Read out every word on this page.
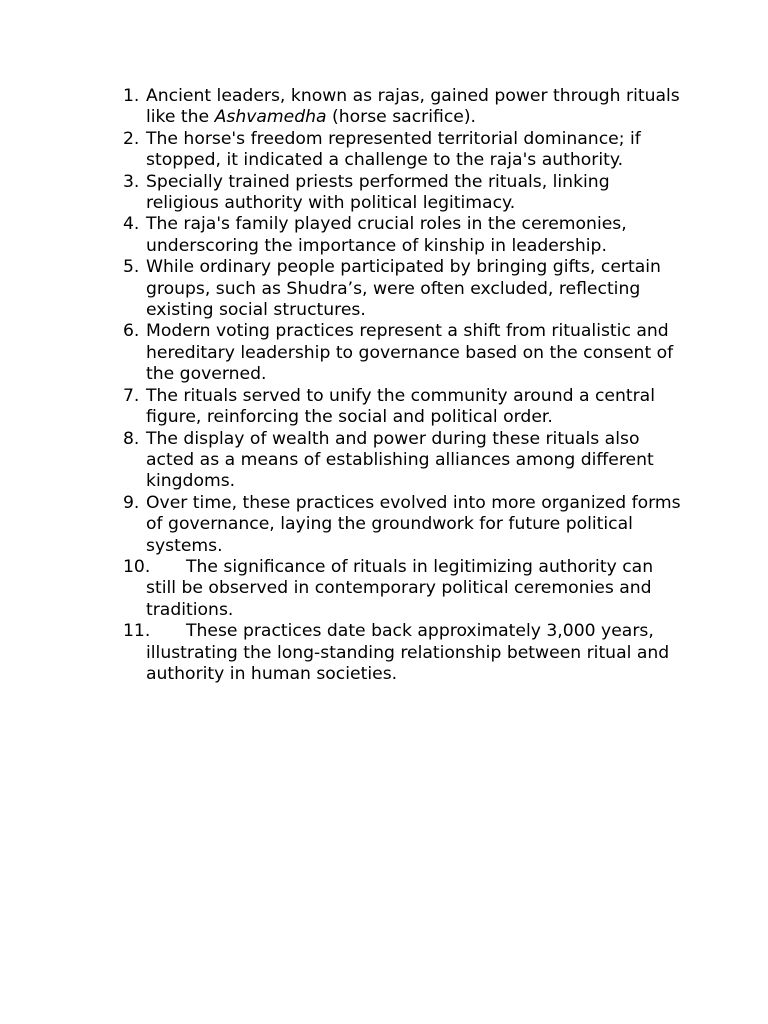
1. Ancient leaders, known as rajas, gained power through rituals like the Ashvamedha (horse sacrifice).
2. The horse's freedom represented territorial dominance; if stopped, it indicated a challenge to the raja's authority.
3. Specially trained priests performed the rituals, linking religious authority with political legitimacy.
4. The raja's family played crucial roles in the ceremonies, underscoring the importance of kinship in leadership.
5. While ordinary people participated by bringing gifts, certain groups, such as Shudra’s, were often excluded, reflecting existing social structures.
6. Modern voting practices represent a shift from ritualistic and hereditary leadership to governance based on the consent of the governed.
7. The rituals served to unify the community around a central figure, reinforcing the social and political order.
8. The display of wealth and power during these rituals also acted as a means of establishing alliances among different kingdoms.
9. Over time, these practices evolved into more organized forms of governance, laying the groundwork for future political systems.
10. The significance of rituals in legitimizing authority can still be observed in contemporary political ceremonies and traditions.
11. These practices date back approximately 3,000 years, illustrating the long-standing relationship between ritual and authority in human societies.
